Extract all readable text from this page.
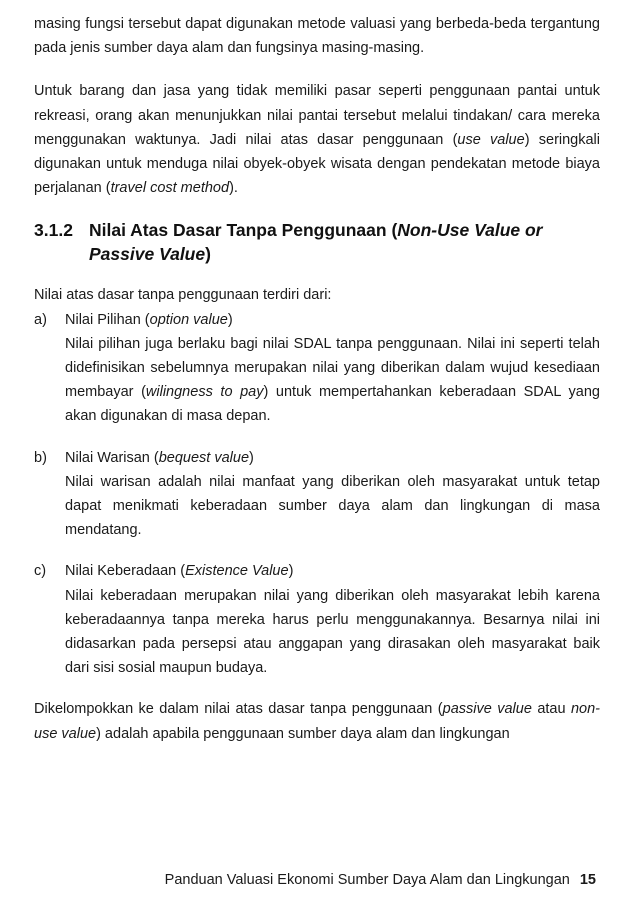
masing fungsi tersebut dapat digunakan metode valuasi yang berbeda-beda tergantung pada jenis sumber daya alam dan fungsinya masing-masing.

Untuk barang dan jasa yang tidak memiliki pasar seperti penggunaan pantai untuk rekreasi, orang akan menunjukkan nilai pantai tersebut melalui tindakan/ cara mereka menggunakan waktunya. Jadi nilai atas dasar penggunaan (use value) seringkali digunakan untuk menduga nilai obyek-obyek wisata dengan pendekatan metode biaya perjalanan (travel cost method).

3.1.2 Nilai Atas Dasar Tanpa Penggunaan (Non-Use Value or Passive Value)

Nilai atas dasar tanpa penggunaan terdiri dari:

a)	Nilai Pilihan (option value)

Nilai pilihan juga berlaku bagi nilai SDAL tanpa penggunaan. Nilai ini seperti telah didefinisikan sebelumnya merupakan nilai yang diberikan dalam wujud kesediaan membayar (wilingness to pay) untuk mempertahankan keberadaan SDAL yang akan digunakan di masa depan.

b)	Nilai Warisan (bequest value)

Nilai warisan adalah nilai manfaat yang diberikan oleh masyarakat untuk tetap dapat menikmati keberadaan sumber daya alam dan lingkungan di masa mendatang.

c)	Nilai Keberadaan (Existence Value)

Nilai keberadaan merupakan nilai yang diberikan oleh masyarakat lebih karena keberadaannya tanpa mereka harus perlu menggunakannya. Besarnya nilai ini didasarkan pada persepsi atau anggapan yang dirasakan oleh masyarakat baik dari sisi sosial maupun budaya.

Dikelompokkan ke dalam nilai atas dasar tanpa penggunaan (passive value atau non-use value) adalah apabila penggunaan sumber daya alam dan lingkungan

Panduan Valuasi Ekonomi Sumber Daya Alam dan Lingkungan 15
